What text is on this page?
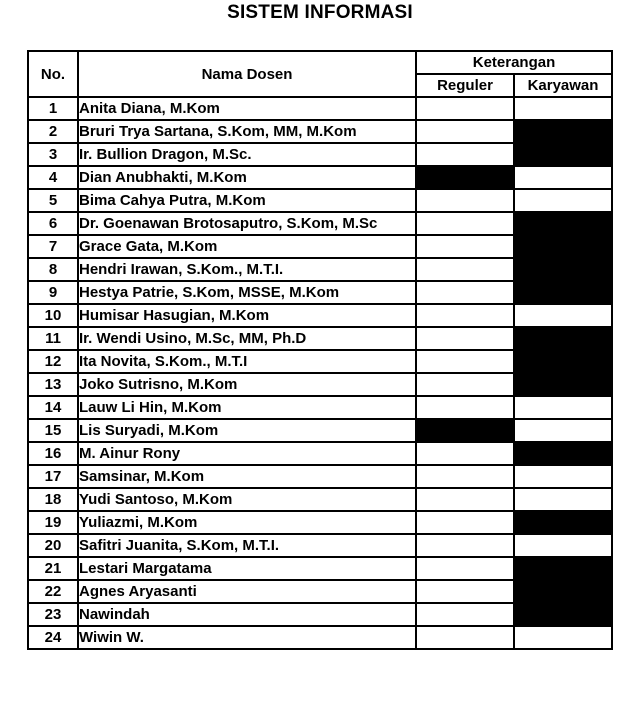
SISTEM INFORMASI
No.	Nama Dosen	Keterangan	
		Reguler	Karyawan
1	Anita Diana, M.Kom		
2	Bruri Trya Sartana, S.Kom, MM, M.Kom		
3	Ir. Bullion Dragon, M.Sc.		
4	Dian Anubhakti, M.Kom		
5	Bima Cahya Putra, M.Kom		
6	Dr. Goenawan Brotosaputro, S.Kom, M.Sc		
7	Grace Gata, M.Kom		
8	Hendri Irawan, S.Kom., M.T.I.		
9	Hestya Patrie, S.Kom, MSSE, M.Kom		
10	Humisar Hasugian, M.Kom		
11	Ir. Wendi Usino, M.Sc, MM, Ph.D		
12	Ita Novita, S.Kom., M.T.I		
13	Joko Sutrisno, M.Kom		
14	Lauw Li Hin, M.Kom		
15	Lis Suryadi, M.Kom		
16	M. Ainur Rony		
17	Samsinar, M.Kom		
18	Yudi Santoso, M.Kom		
19	Yuliazmi, M.Kom		
20	Safitri Juanita, S.Kom, M.T.I.		
21	Lestari Margatama		
22	Agnes Aryasanti		
23	Nawindah		
24	Wiwin W.		
